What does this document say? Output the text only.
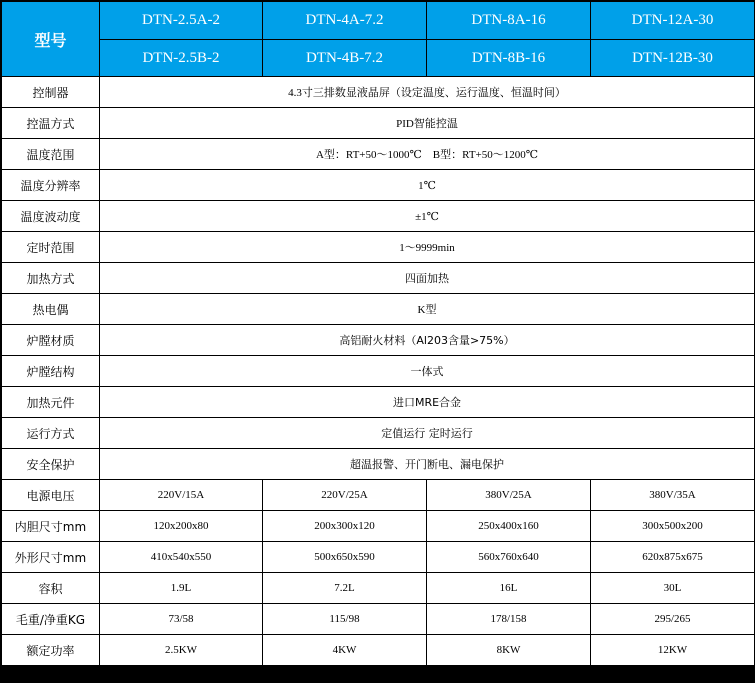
型号	DTN-2.5A-2	DTN-4A-7.2	DTN-8A-16	DTN-12A-30
	DTN-2.5B-2	DTN-4B-7.2	DTN-8B-16	DTN-12B-30
控制器	4.3寸三排数显液晶屏（设定温度、运行温度、恒温时间）			
控温方式	PID智能控温			
温度范围	A型：RT+50～1000℃　B型：RT+50～1200℃			
温度分辨率	1℃			
温度波动度	±1℃			
定时范围	1～9999min			
加热方式	四面加热			
热电偶	K型			
炉膛材质	高铝耐火材料（Al203含量>75%）			
炉膛结构	一体式			
加热元件	进口MRE合金			
运行方式	定值运行 定时运行			
安全保护	超温报警、开门断电、漏电保护			
电源电压	220V/15A	220V/25A	380V/25A	380V/35A
内胆尺寸mm	120x200x80	200x300x120	250x400x160	300x500x200
外形尺寸mm	410x540x550	500x650x590	560x760x640	620x875x675
容积	1.9L	7.2L	16L	30L
毛重/净重KG	73/58	115/98	178/158	295/265
额定功率	2.5KW	4KW	8KW	12KW
